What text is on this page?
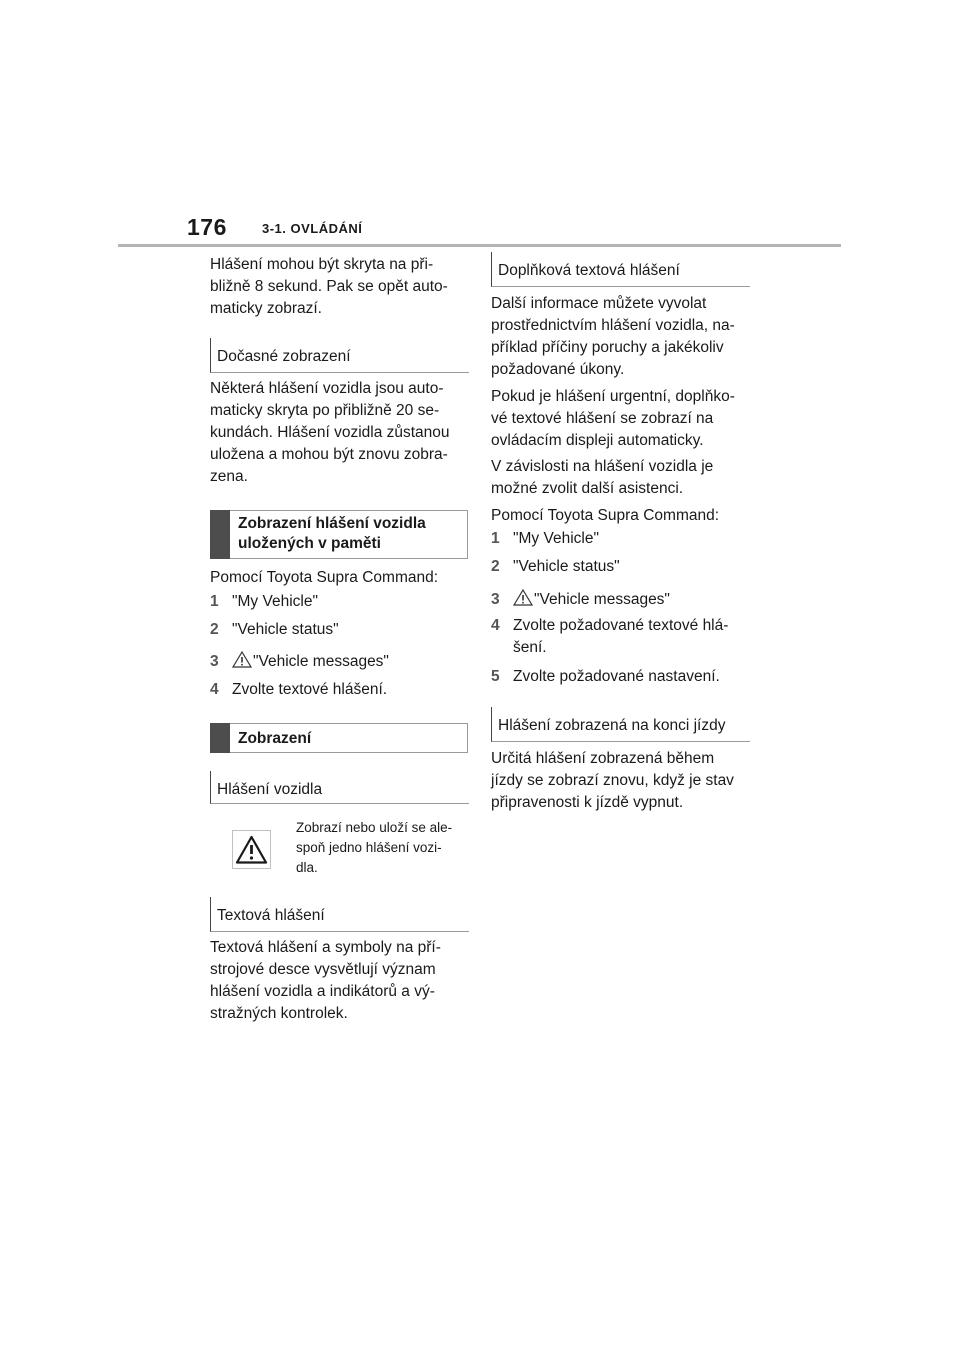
176	3-1. OVLÁDÁNÍ

Hlášení mohou být skryta na při-
bližně 8 sekund. Pak se opět auto-
maticky zobrazí.

Dočasné zobrazení

Některá hlášení vozidla jsou auto-
maticky skryta po přibližně 20 se-
kundách. Hlášení vozidla zůstanou
uložena a mohou být znovu zobra-
zena.

Zobrazení hlášení vozidla
uložených v paměti
Pomocí Toyota Supra Command:
1 "My Vehicle"
2 "Vehicle status"
3 "Vehicle messages"
4 Zvolte textové hlášení.
Zobrazení
Hlášení vozidla
Zobrazí nebo uloží se ale-
spoň jedno hlášení vozi-
dla.
Textová hlášení

Textová hlášení a symboly na pří-
strojové desce vysvětlují význam
hlášení vozidla a indikátorů a vý-
stražných kontrolek.

Doplňková textová hlášení

Další informace můžete vyvolat
prostřednictvím hlášení vozidla, na-
příklad příčiny poruchy a jakékoliv
požadované úkony.

Pokud je hlášení urgentní, doplňko-
vé textové hlášení se zobrazí na
ovládacím displeji automaticky.

V závislosti na hlášení vozidla je
možné zvolit další asistenci.

Pomocí Toyota Supra Command:
1 "My Vehicle"
2 "Vehicle status"
3 "Vehicle messages"
4 Zvolte požadované textové hlá-
šení.
5 Zvolte požadované nastavení.
Hlášení zobrazená na konci jízdy

Určitá hlášení zobrazená během
jízdy se zobrazí znovu, když je stav
připravenosti k jízdě vypnut.
